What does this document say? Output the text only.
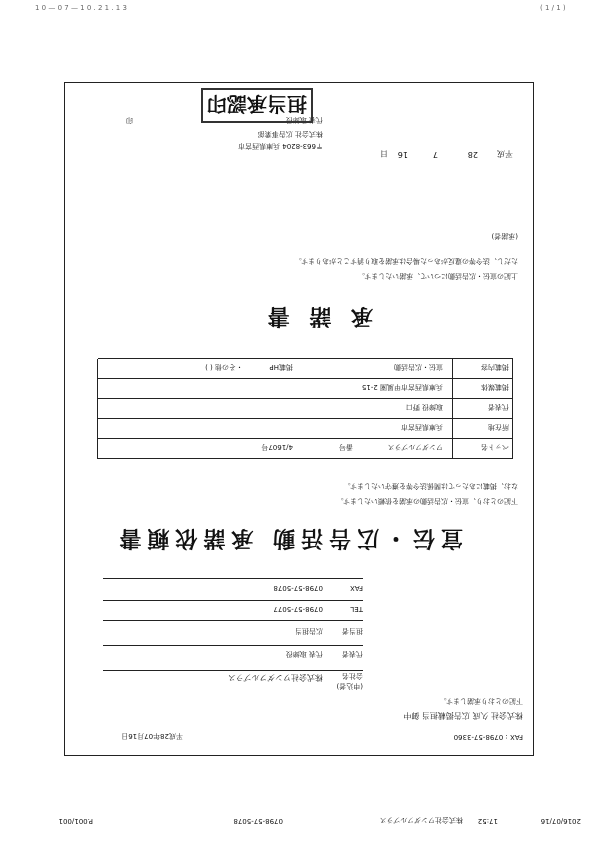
1 0 — 0 7 — 1 0 . 2 1 . 1 3	( 1 / 1 )
2016/07/16
17:52
株式会社ワンダフルプラス
0798-57-5078
P.001/001
FAX : 0798-57-3360
平成28年07月16日
株式会社 久成 広告掲載担当 御中
下記のとおり承諾します。
(申込者)
会社名
株式会社ワンダフルプラス
代表者
代表 取締役
担当者
広告担当
TEL
0798-57-5077
FAX
0798-57-5078
宣伝・広告活動 承諾依頼書
下記のとおり、宣伝・広告活動の承諾を依頼いたします。
なお、掲載にあたっては関係法令等を遵守いたします。
ペット名
ワンダフルプラス
番号
4/1607号
所在地
兵庫県西宮市
代表者
取締役 野口
掲載媒体
兵庫県西宮市甲風園 2-15
掲載内容
宣伝・広告活動
掲載HP
・その他 ( )
承 諾 書
上記の宣伝・広告活動について、承諾いたします。
ただし、法令等の違反があった場合は承諾を取り消すことがあります。
(承諾者)
平成
28
7
16
日
〒663-8204 兵庫県西宮市
株式会社 広告事業部
代表 取締役
印
担当承認印
